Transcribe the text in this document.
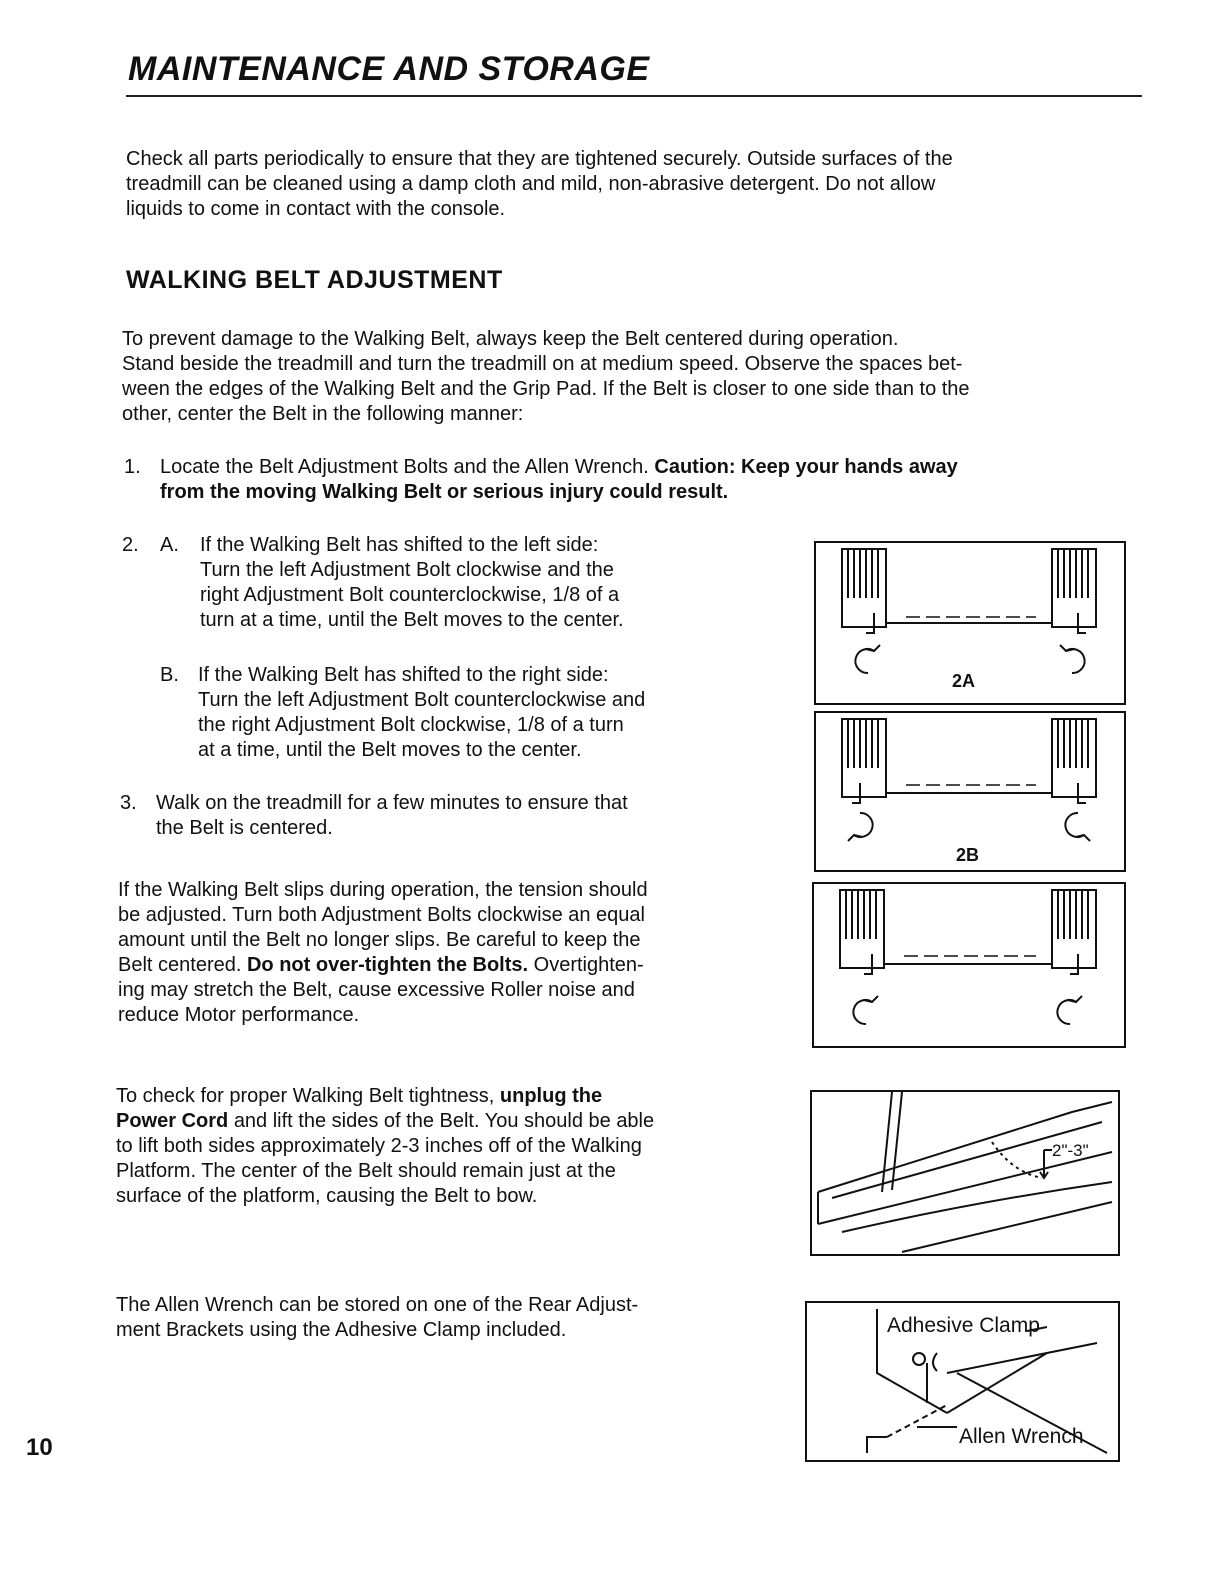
MAINTENANCE AND STORAGE
Check all parts periodically to ensure that they are tightened securely. Outside surfaces of the
treadmill can be cleaned using a damp cloth and mild, non-abrasive detergent. Do not allow
liquids to come in contact with the console.
WALKING BELT ADJUSTMENT
To prevent damage to the Walking Belt, always keep the Belt centered during operation.
Stand beside the treadmill and turn the treadmill on at medium speed. Observe the spaces bet-
ween the edges of the Walking Belt and the Grip Pad. If the Belt is closer to one side than to the
other, center the Belt in the following manner:
1. Locate the Belt Adjustment Bolts and the Allen Wrench. Caution: Keep your hands away
from the moving Walking Belt or serious injury could result.
2. A. If the Walking Belt has shifted to the left side:
Turn the left Adjustment Bolt clockwise and the
right Adjustment Bolt counterclockwise, 1/8 of a
turn at a time, until the Belt moves to the center.
B. If the Walking Belt has shifted to the right side:
Turn the left Adjustment Bolt counterclockwise and
the right Adjustment Bolt clockwise, 1/8 of a turn
at a time, until the Belt moves to the center.
3. Walk on the treadmill for a few minutes to ensure that
the Belt is centered.
If the Walking Belt slips during operation, the tension should
be adjusted. Turn both Adjustment Bolts clockwise an equal
amount until the Belt no longer slips. Be careful to keep the
Belt centered. Do not over-tighten the Bolts. Overtighten-
ing may stretch the Belt, cause excessive Roller noise and
reduce Motor performance.
To check for proper Walking Belt tightness, unplug the
Power Cord and lift the sides of the Belt. You should be able
to lift both sides approximately 2-3 inches off of the Walking
Platform. The center of the Belt should remain just at the
surface of the platform, causing the Belt to bow.
The Allen Wrench can be stored on one of the Rear Adjust-
ment Brackets using the Adhesive Clamp included.
10
2A
2B
2"-3"
Adhesive Clamp
Allen Wrench
